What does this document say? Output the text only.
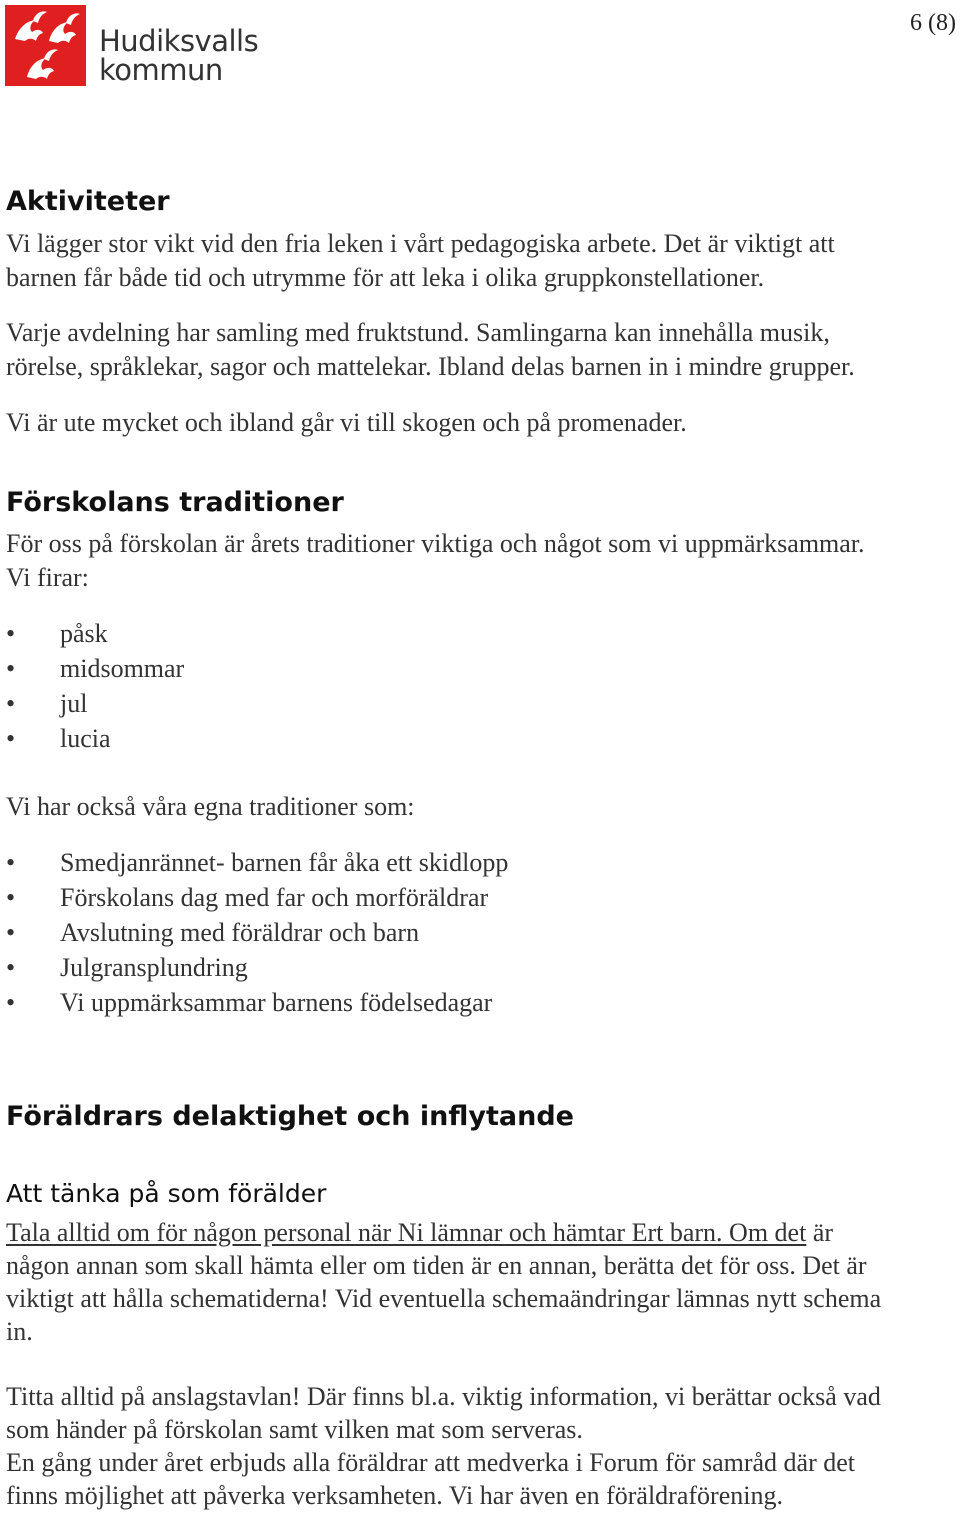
Hudiksvalls
kommun
6 (8)
Aktiviteter
Vi lägger stor vikt vid den fria leken i vårt pedagogiska arbete. Det är viktigt att
barnen får både tid och utrymme för att leka i olika gruppkonstellationer.
Varje avdelning har samling med fruktstund. Samlingarna kan innehålla musik,
rörelse, språklekar, sagor och mattelekar. Ibland delas barnen in i mindre grupper.
Vi är ute mycket och ibland går vi till skogen och på promenader.
Förskolans traditioner
För oss på förskolan är årets traditioner viktiga och något som vi uppmärksammar.
Vi firar:
• påsk
• midsommar
• jul
• lucia
Vi har också våra egna traditioner som:
• Smedjanrännet- barnen får åka ett skidlopp
• Förskolans dag med far och morföräldrar
• Avslutning med föräldrar och barn
• Julgransplundring
• Vi uppmärksammar barnens födelsedagar
Föräldrars delaktighet och inflytande
Att tänka på som förälder
Tala alltid om för någon personal när Ni lämnar och hämtar Ert barn. Om det är
någon annan som skall hämta eller om tiden är en annan, berätta det för oss. Det är
viktigt att hålla schematiderna! Vid eventuella schemaändringar lämnas nytt schema
in.
Titta alltid på anslagstavlan! Där finns bl.a. viktig information, vi berättar också vad
som händer på förskolan samt vilken mat som serveras.
En gång under året erbjuds alla föräldrar att medverka i Forum för samråd där det
finns möjlighet att påverka verksamheten. Vi har även en föräldraförening.
